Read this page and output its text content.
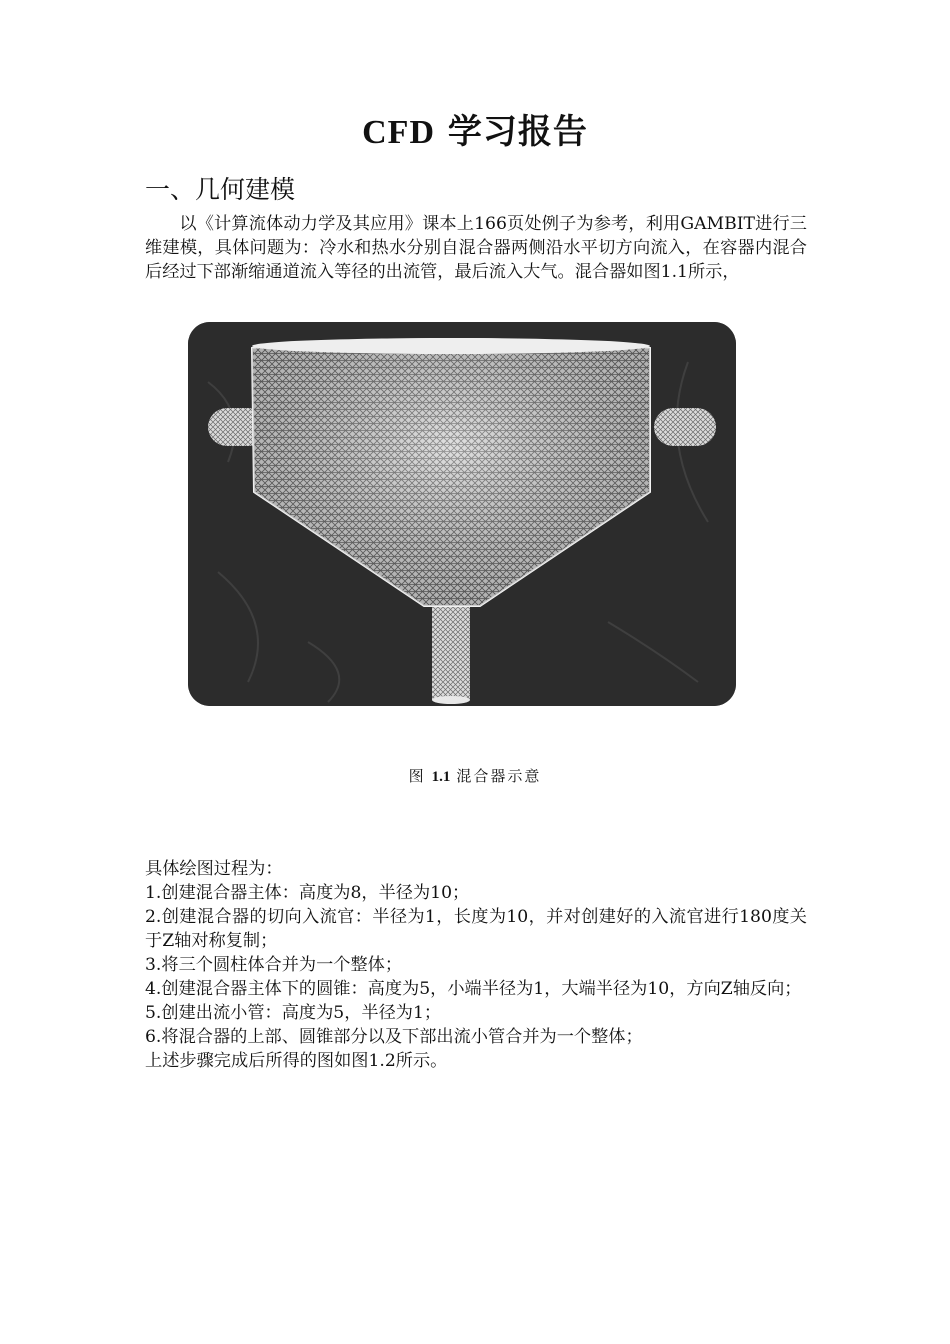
CFD 学习报告
一、几何建模

以《计算流体动力学及其应用》课本上166页处例子为参考，利用GAMBIT进行三维建模，具体问题为：冷水和热水分别自混合器两侧沿水平切方向流入，在容器内混合后经过下部渐缩通道流入等径的出流管，最后流入大气。混合器如图1.1所示，

图 1.1 混合器示意

具体绘图过程为：

1.创建混合器主体：高度为8，半径为10；

2.创建混合器的切向入流官：半径为1，长度为10，并对创建好的入流官进行180度关于Z轴对称复制；

3.将三个圆柱体合并为一个整体；

4.创建混合器主体下的圆锥：高度为5，小端半径为1，大端半径为10，方向Z轴反向；

5.创建出流小管：高度为5，半径为1；

6.将混合器的上部、圆锥部分以及下部出流小管合并为一个整体；

上述步骤完成后所得的图如图1.2所示。
